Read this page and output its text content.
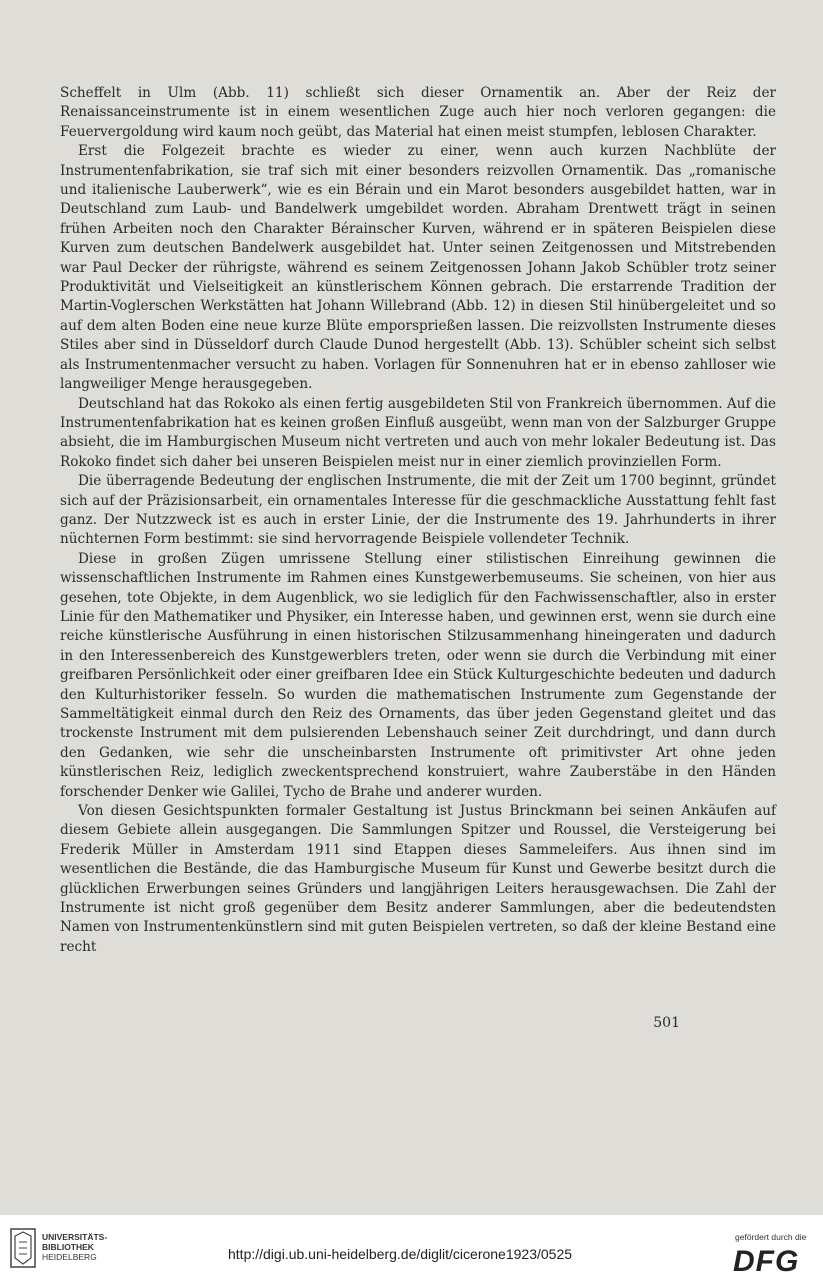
Scheffelt in Ulm (Abb. 11) schließt sich dieser Ornamentik an. Aber der Reiz der Renaissanceinstrumente ist in einem wesentlichen Zuge auch hier noch verloren gegangen: die Feuervergoldung wird kaum noch geübt, das Material hat einen meist stumpfen, leblosen Charakter.

Erst die Folgezeit brachte es wieder zu einer, wenn auch kurzen Nachblüte der Instrumentenfabrikation, sie traf sich mit einer besonders reizvollen Ornamentik. Das „romanische und italienische Lauberwerk“, wie es ein Bérain und ein Marot besonders ausgebildet hatten, war in Deutschland zum Laub- und Bandelwerk umgebildet worden. Abraham Drentwett trägt in seinen frühen Arbeiten noch den Charakter Bérainscher Kurven, während er in späteren Beispielen diese Kurven zum deutschen Bandelwerk ausgebildet hat. Unter seinen Zeitgenossen und Mitstrebenden war Paul Decker der rührigste, während es seinem Zeitgenossen Johann Jakob Schübler trotz seiner Produktivität und Vielseitigkeit an künstlerischem Können gebrach. Die erstarrende Tradition der Martin-Voglerschen Werkstätten hat Johann Willebrand (Abb. 12) in diesen Stil hinübergeleitet und so auf dem alten Boden eine neue kurze Blüte emporsprießen lassen. Die reizvollsten Instrumente dieses Stiles aber sind in Düsseldorf durch Claude Dunod hergestellt (Abb. 13). Schübler scheint sich selbst als Instrumentenmacher versucht zu haben. Vorlagen für Sonnenuhren hat er in ebenso zahlloser wie langweiliger Menge herausgegeben.

Deutschland hat das Rokoko als einen fertig ausgebildeten Stil von Frankreich übernommen. Auf die Instrumentenfabrikation hat es keinen großen Einfluß ausgeübt, wenn man von der Salzburger Gruppe absieht, die im Hamburgischen Museum nicht vertreten und auch von mehr lokaler Bedeutung ist. Das Rokoko findet sich daher bei unseren Beispielen meist nur in einer ziemlich provinziellen Form.

Die überragende Bedeutung der englischen Instrumente, die mit der Zeit um 1700 beginnt, gründet sich auf der Präzisionsarbeit, ein ornamentales Interesse für die geschmackliche Ausstattung fehlt fast ganz. Der Nutzzweck ist es auch in erster Linie, der die Instrumente des 19. Jahrhunderts in ihrer nüchternen Form bestimmt: sie sind hervorragende Beispiele vollendeter Technik.

Diese in großen Zügen umrissene Stellung einer stilistischen Einreihung gewinnen die wissenschaftlichen Instrumente im Rahmen eines Kunstgewerbemuseums. Sie scheinen, von hier aus gesehen, tote Objekte, in dem Augenblick, wo sie lediglich für den Fachwissenschaftler, also in erster Linie für den Mathematiker und Physiker, ein Interesse haben, und gewinnen erst, wenn sie durch eine reiche künstlerische Ausführung in einen historischen Stilzusammenhang hineingeraten und dadurch in den Interessenbereich des Kunstgewerblers treten, oder wenn sie durch die Verbindung mit einer greifbaren Persönlichkeit oder einer greifbaren Idee ein Stück Kulturgeschichte bedeuten und dadurch den Kulturhistoriker fesseln. So wurden die mathematischen Instrumente zum Gegenstande der Sammeltätigkeit einmal durch den Reiz des Ornaments, das über jeden Gegenstand gleitet und das trockenste Instrument mit dem pulsierenden Lebenshauch seiner Zeit durchdringt, und dann durch den Gedanken, wie sehr die unscheinbarsten Instrumente oft primitivster Art ohne jeden künstlerischen Reiz, lediglich zweckentsprechend konstruiert, wahre Zauberstäbe in den Händen forschender Denker wie Galilei, Tycho de Brahe und anderer wurden.

Von diesen Gesichtspunkten formaler Gestaltung ist Justus Brinckmann bei seinen Ankäufen auf diesem Gebiete allein ausgegangen. Die Sammlungen Spitzer und Roussel, die Versteigerung bei Frederik Müller in Amsterdam 1911 sind Etappen dieses Sammeleifers. Aus ihnen sind im wesentlichen die Bestände, die das Hamburgische Museum für Kunst und Gewerbe besitzt durch die glücklichen Erwerbungen seines Gründers und langjährigen Leiters herausgewachsen. Die Zahl der Instrumente ist nicht groß gegenüber dem Besitz anderer Sammlungen, aber die bedeutendsten Namen von Instrumentenkünstlern sind mit guten Beispielen vertreten, so daß der kleine Bestand eine recht

501
UNIVERSITÄTS-
BIBLIOTHEK
HEIDELBERG	http://digi.ub.uni-heidelberg.de/diglit/cicerone1923/0525
gefördert durch die
DFG
